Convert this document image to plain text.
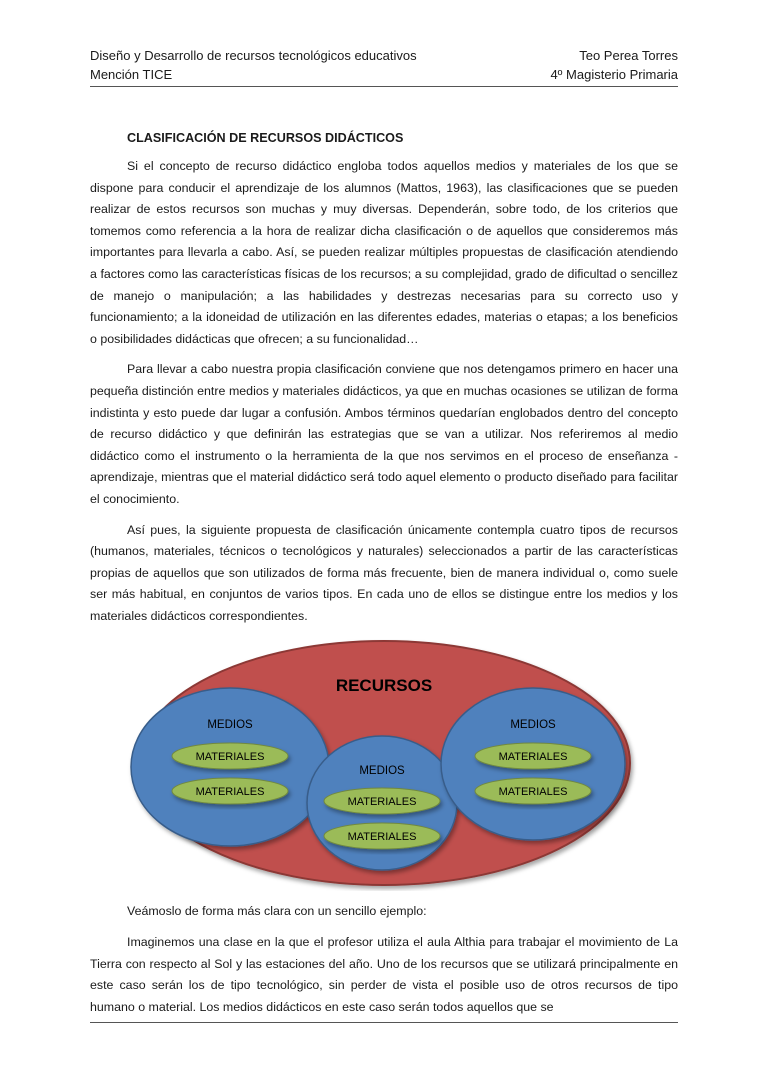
Diseño y Desarrollo de recursos tecnológicos educativos	Teo Perea Torres
Mención TICE	4º Magisterio Primaria
CLASIFICACIÓN DE RECURSOS DIDÁCTICOS

Si el concepto de recurso didáctico engloba todos aquellos medios y materiales de los que se dispone para conducir el aprendizaje de los alumnos (Mattos, 1963), las clasificaciones que se pueden realizar de estos recursos son muchas y muy diversas. Dependerán, sobre todo, de los criterios que tomemos como referencia a la hora de realizar dicha clasificación o de aquellos que consideremos más importantes para llevarla a cabo. Así, se pueden realizar múltiples propuestas de clasificación atendiendo a factores como las características físicas de los recursos; a su complejidad, grado de dificultad o sencillez de manejo o manipulación; a las habilidades y destrezas necesarias para su correcto uso y funcionamiento; a la idoneidad de utilización en las diferentes edades, materias o etapas; a los beneficios o posibilidades didácticas que ofrecen; a su funcionalidad…

Para llevar a cabo nuestra propia clasificación conviene que nos detengamos primero en hacer una pequeña distinción entre medios y materiales didácticos, ya que en muchas ocasiones se utilizan de forma indistinta y esto puede dar lugar a confusión. Ambos términos quedarían englobados dentro del concepto de recurso didáctico y que definirán las estrategias que se van a utilizar. Nos referiremos al medio didáctico como el instrumento o la herramienta de la que nos servimos en el proceso de enseñanza - aprendizaje, mientras que el material didáctico será todo aquel elemento o producto diseñado para facilitar el conocimiento.

Así pues, la siguiente propuesta de clasificación únicamente contempla cuatro tipos de recursos (humanos, materiales, técnicos o tecnológicos y naturales) seleccionados a partir de las características propias de aquellos que son utilizados de forma más frecuente, bien de manera individual o, como suele ser más habitual, en conjuntos de varios tipos. En cada uno de ellos se distingue entre los medios y los materiales didácticos correspondientes.

RECURSOS
MEDIOS
MATERIALES
MATERIALES
MEDIOS
MATERIALES
MATERIALES
MEDIOS
MATERIALES
MATERIALES

Veámoslo de forma más clara con un sencillo ejemplo:

Imaginemos una clase en la que el profesor utiliza el aula Althia para trabajar el movimiento de La Tierra con respecto al Sol y las estaciones del año. Uno de los recursos que se utilizará principalmente en este caso serán los de tipo tecnológico, sin perder de vista el posible uso de otros recursos de tipo humano o material. Los medios didácticos en este caso serán todos aquellos que se
